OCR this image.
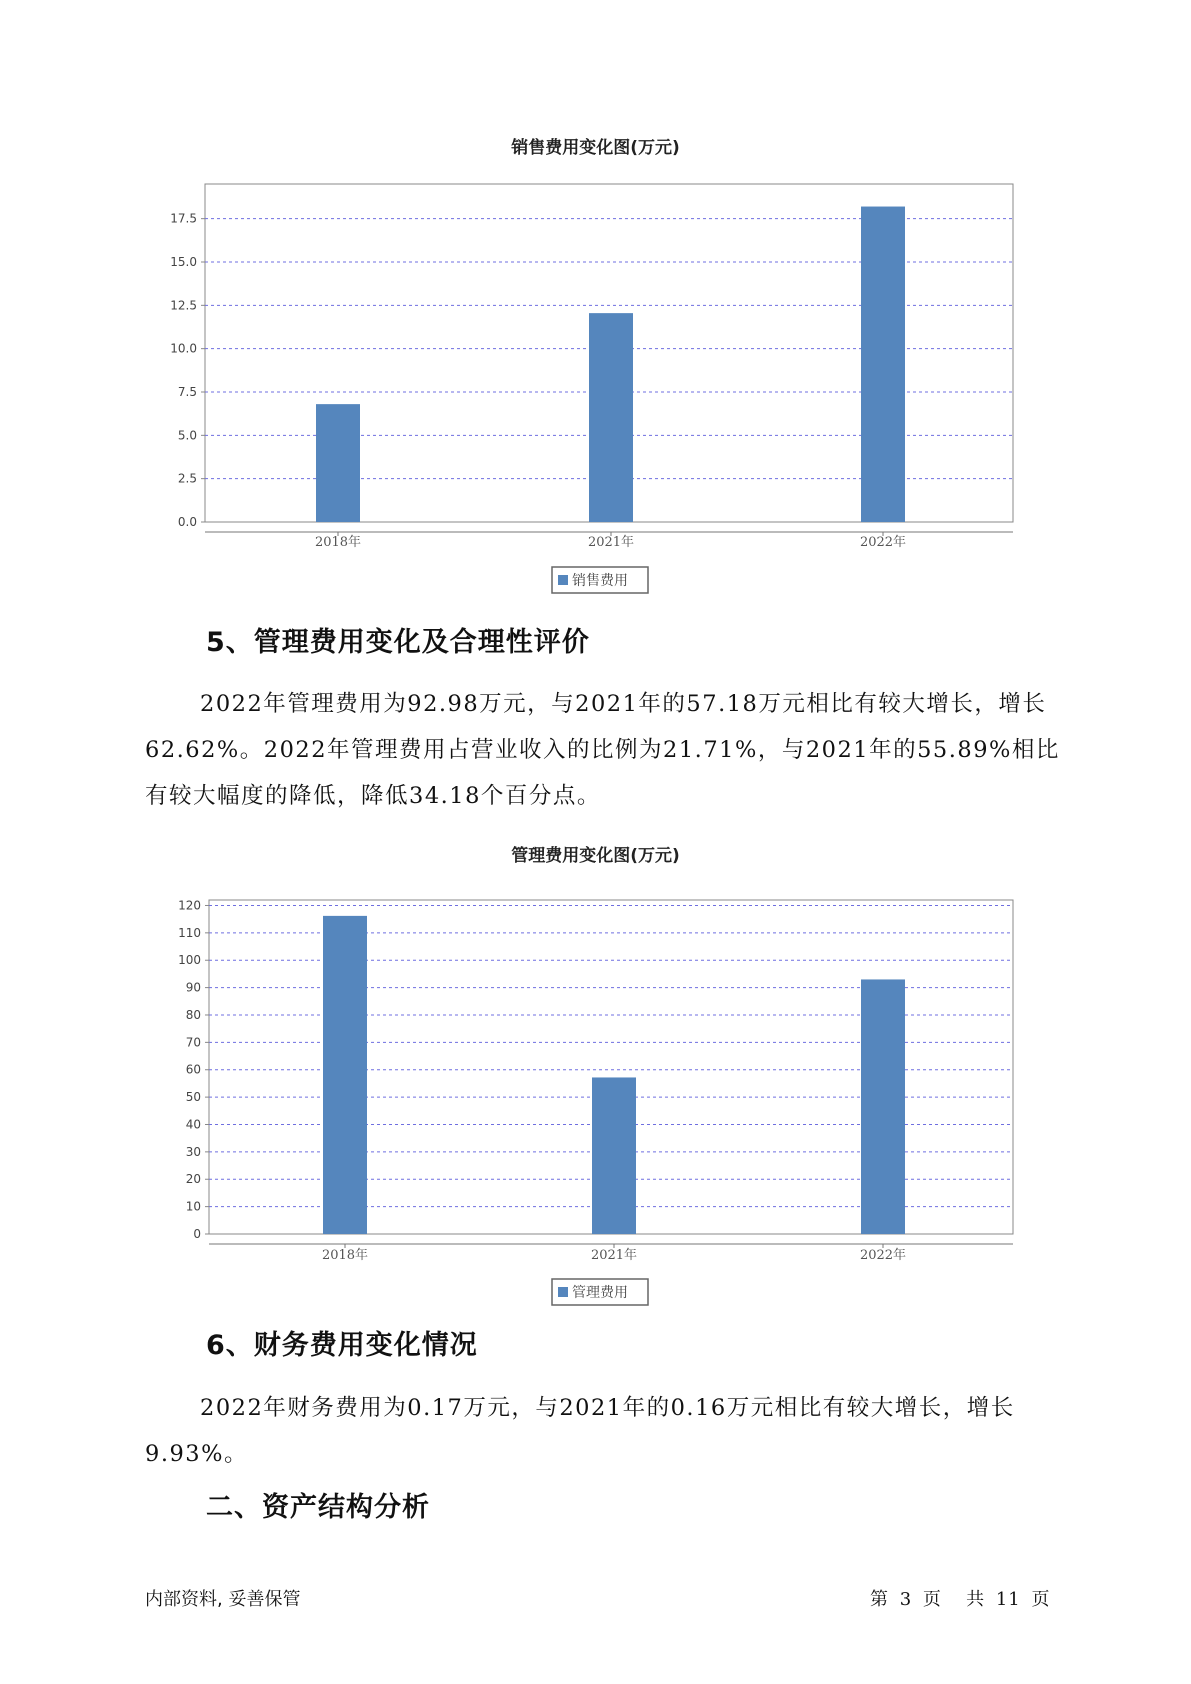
销售费用变化图(万元)
0.0
2.5
5.0
7.5
10.0
12.5
15.0
17.5
2018年	2021年	2022年
销售费用
5、管理费用变化及合理性评价

2022年管理费用为92.98万元，与2021年的57.18万元相比有较大增长，增长62.62%。2022年管理费用占营业收入的比例为21.71%，与2021年的55.89%相比有较大幅度的降低，降低34.18个百分点。

管理费用变化图(万元)
0
10
20
30
40
50
60
70
80
90
100
110
120
2018年	2021年	2022年
管理费用
6、财务费用变化情况

2022年财务费用为0.17万元，与2021年的0.16万元相比有较大增长，增长9.93%。

二、资产结构分析
内部资料, 妥善保管	第 3 页 共 11 页
